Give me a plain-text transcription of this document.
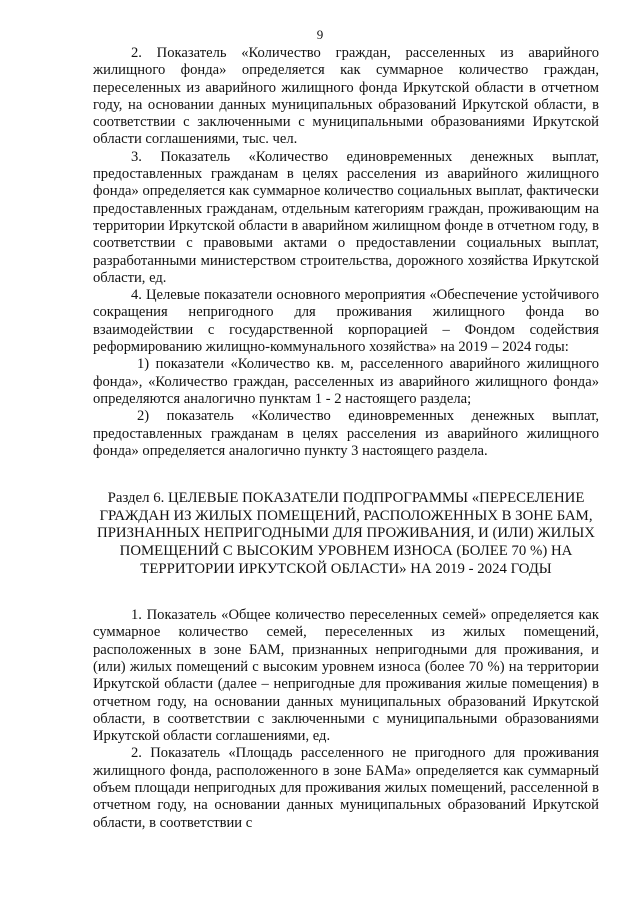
9

2. Показатель «Количество граждан, расселенных из аварийного жилищного фонда» определяется как суммарное количество граждан, переселенных из аварийного жилищного фонда Иркутской области в отчетном году, на основании данных муниципальных образований Иркутской области, в соответствии с заключенными с муниципальными образованиями Иркутской области соглашениями, тыс. чел.

3. Показатель «Количество единовременных денежных выплат, предоставленных гражданам в целях расселения из аварийного жилищного фонда» определяется как суммарное количество социальных выплат, фактически предоставленных гражданам, отдельным категориям граждан, проживающим на территории Иркутской области в аварийном жилищном фонде в отчетном году, в соответствии с правовыми актами о предоставлении социальных выплат, разработанными министерством строительства, дорожного хозяйства Иркутской области, ед.

4. Целевые показатели основного мероприятия «Обеспечение устойчивого сокращения непригодного для проживания жилищного фонда во взаимодействии с государственной корпорацией – Фондом содействия реформированию жилищно-коммунального хозяйства» на 2019 – 2024 годы:

1) показатели «Количество кв. м, расселенного аварийного жилищного фонда», «Количество граждан, расселенных из аварийного жилищного фонда» определяются аналогично пунктам 1 - 2 настоящего раздела;

2) показатель «Количество единовременных денежных выплат, предоставленных гражданам в целях расселения из аварийного жилищного фонда» определяется аналогично пункту 3 настоящего раздела.

Раздел 6. ЦЕЛЕВЫЕ ПОКАЗАТЕЛИ ПОДПРОГРАММЫ «ПЕРЕСЕЛЕНИЕ ГРАЖДАН ИЗ ЖИЛЫХ ПОМЕЩЕНИЙ, РАСПОЛОЖЕННЫХ В ЗОНЕ БАМ, ПРИЗНАННЫХ НЕПРИГОДНЫМИ ДЛЯ ПРОЖИВАНИЯ, И (ИЛИ) ЖИЛЫХ ПОМЕЩЕНИЙ С ВЫСОКИМ УРОВНЕМ ИЗНОСА (БОЛЕЕ 70 %) НА ТЕРРИТОРИИ ИРКУТСКОЙ ОБЛАСТИ» НА 2019 - 2024 ГОДЫ

1. Показатель «Общее количество переселенных семей» определяется как суммарное количество семей, переселенных из жилых помещений, расположенных в зоне БАМ, признанных непригодными для проживания, и (или) жилых помещений с высоким уровнем износа (более 70 %) на территории Иркутской области (далее – непригодные для проживания жилые помещения) в отчетном году, на основании данных муниципальных образований Иркутской области, в соответствии с заключенными с муниципальными образованиями Иркутской области соглашениями, ед.

2. Показатель «Площадь расселенного не пригодного для проживания жилищного фонда, расположенного в зоне БАМа» определяется как суммарный объем площади непригодных для проживания жилых помещений, расселенной в отчетном году, на основании данных муниципальных образований Иркутской области, в соответствии с
